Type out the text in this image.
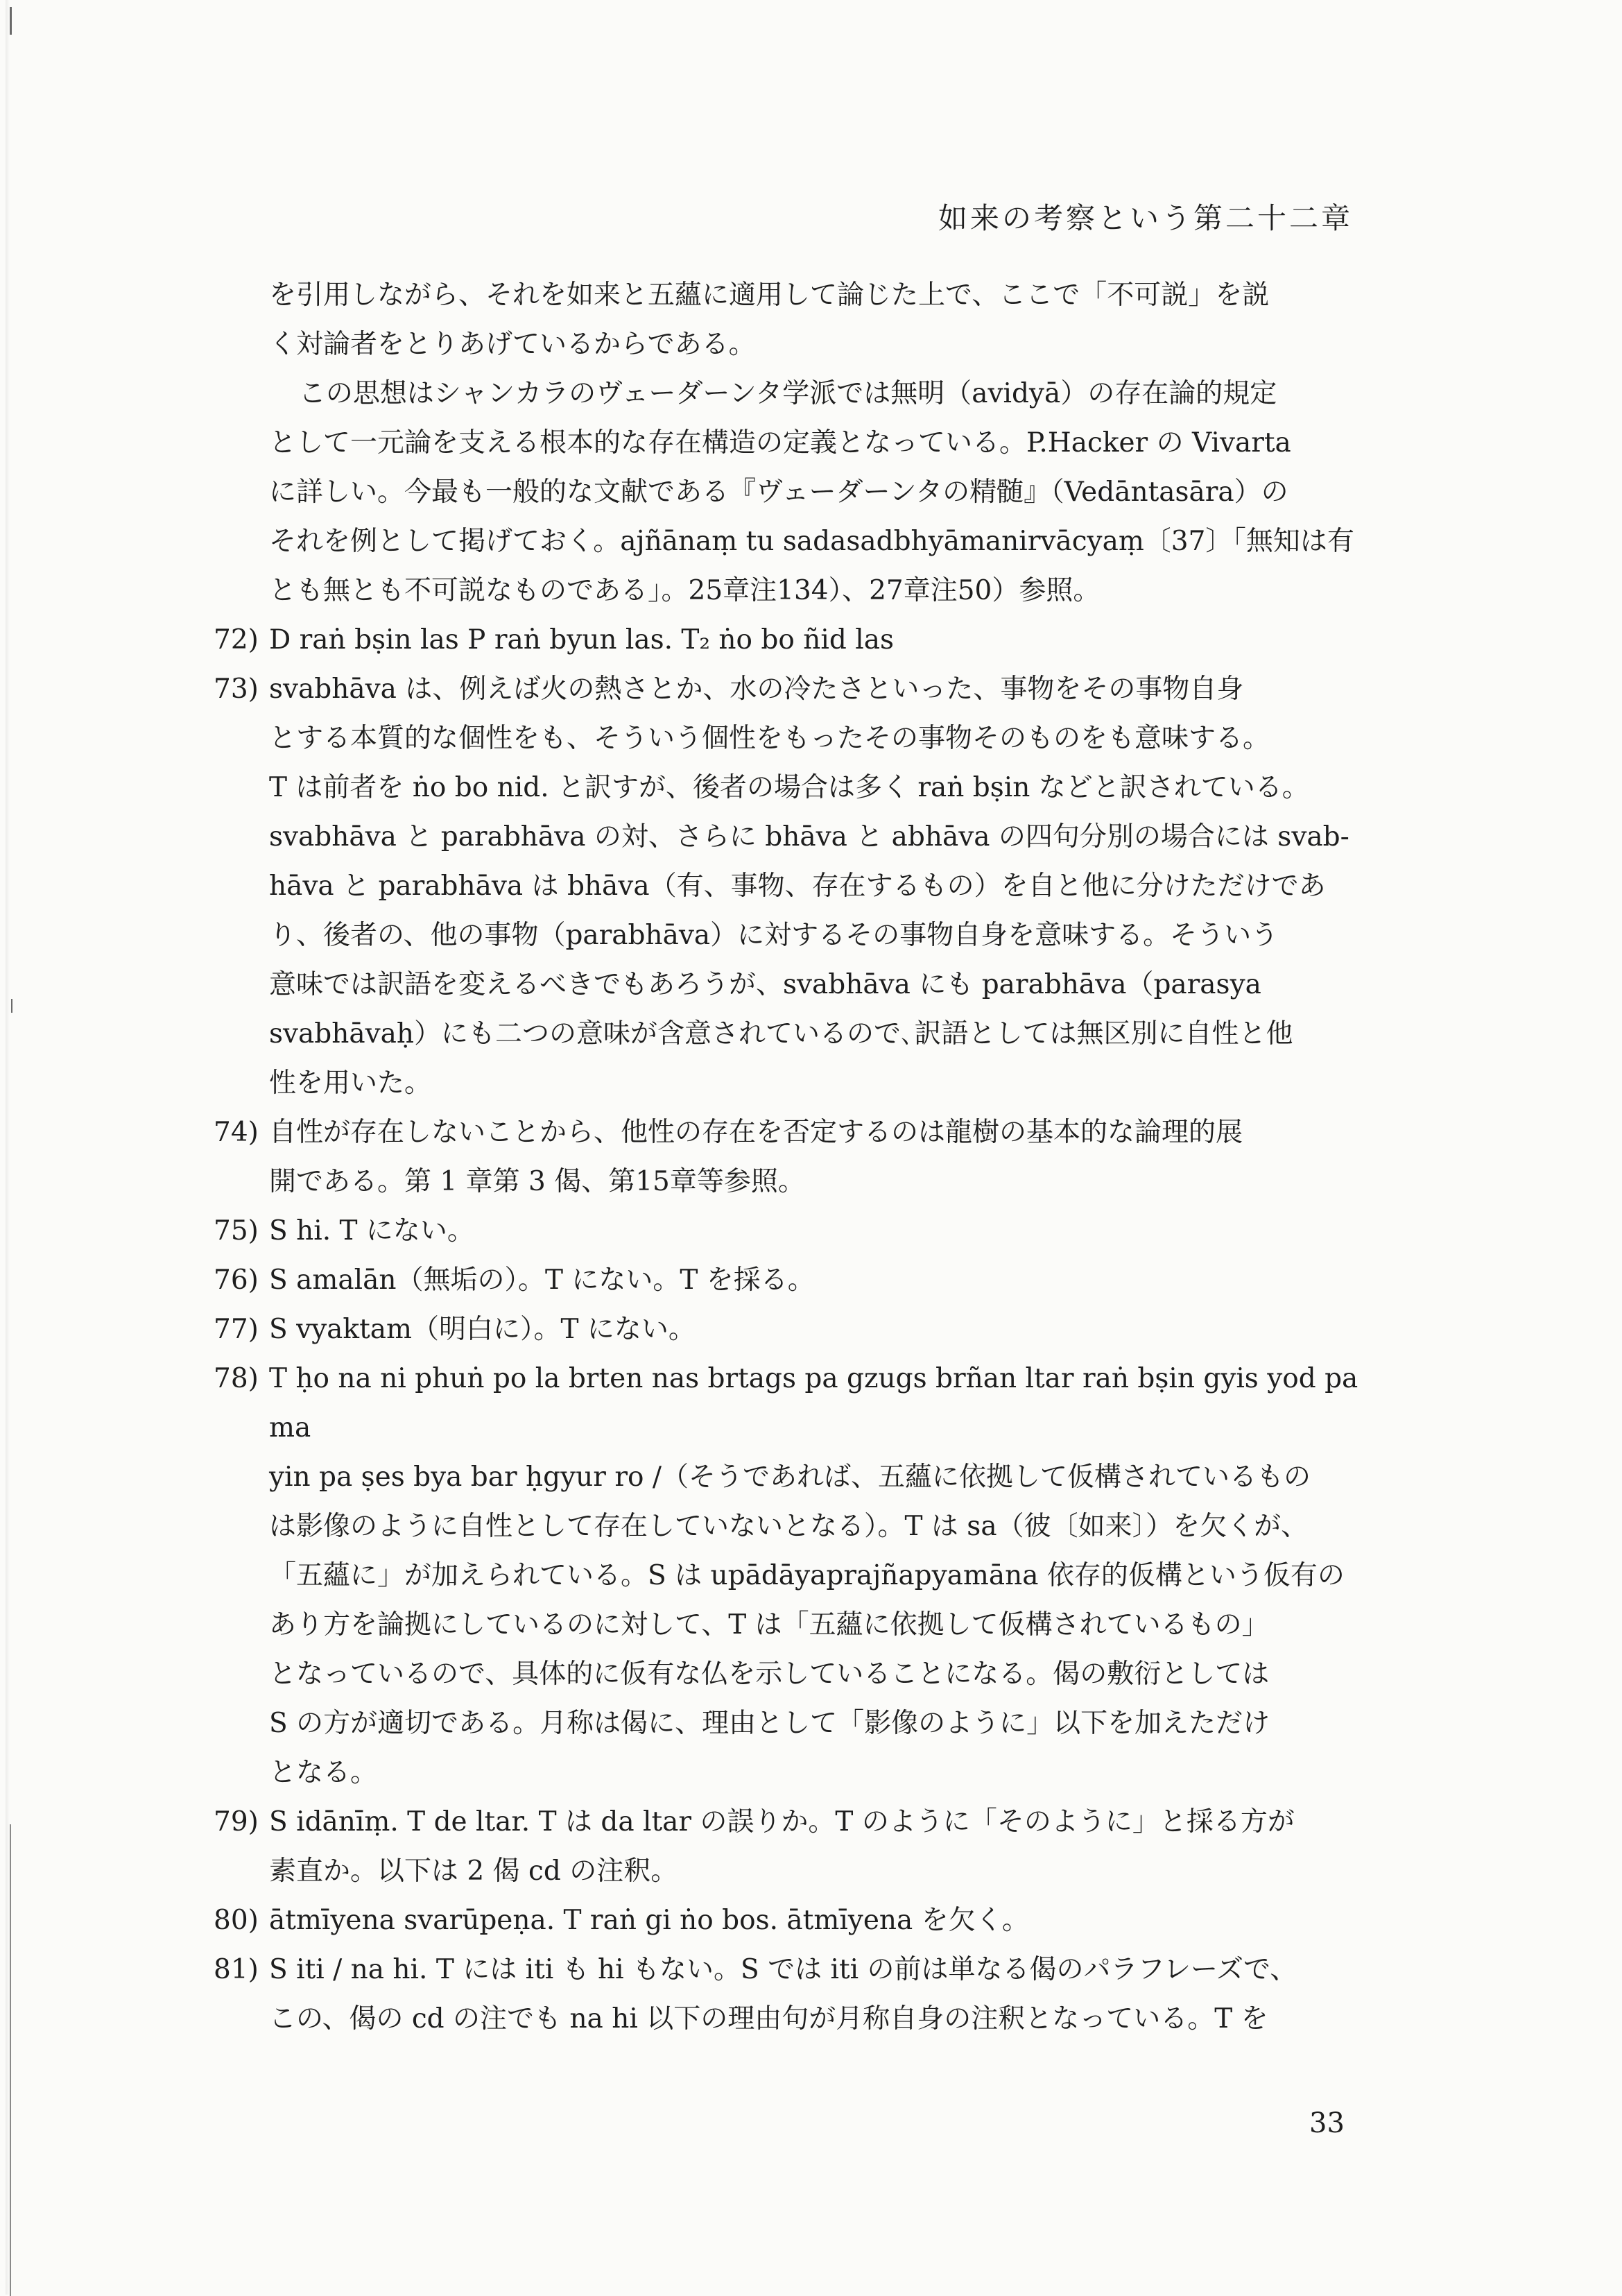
如来の考察という第二十二章

を引用しながら、それを如来と五蘊に適用して論じた上で、ここで「不可説」を説

く対論者をとりあげているからである。

この思想はシャンカラのヴェーダーンタ学派では無明（avidyā）の存在論的規定

として一元論を支える根本的な存在構造の定義となっている。P.Hacker の Vivarta

に詳しい。今最も一般的な文献である『ヴェーダーンタの精髄』（Vedāntasāra）の

それを例として掲げておく。ajñānaṃ tu sadasadbhyāmanirvācyaṃ〔37〕「無知は有

とも無とも不可説なものである」。25章注134）、27章注50）参照。

72) D raṅ bṣin las P raṅ byun las. T₂ ṅo bo ñid las

73) svabhāva は、例えば火の熱さとか、水の冷たさといった、事物をその事物自身

とする本質的な個性をも、そういう個性をもったその事物そのものをも意味する。

T は前者を ṅo bo nid. と訳すが、後者の場合は多く raṅ bṣin などと訳されている。

svabhāva と parabhāva の対、さらに bhāva と abhāva の四句分別の場合には svab-

hāva と parabhāva は bhāva（有、事物、存在するもの）を自と他に分けただけであ

り、後者の、他の事物（parabhāva）に対するその事物自身を意味する。そういう

意味では訳語を変えるべきでもあろうが、svabhāva にも parabhāva（parasya

svabhāvaḥ）にも二つの意味が含意されているので､訳語としては無区別に自性と他

性を用いた。

74) 自性が存在しないことから、他性の存在を否定するのは龍樹の基本的な論理的展

開である。第 1 章第 3 偈、第15章等参照。

75) S hi. T にない。

76) S amalān（無垢の）。T にない。T を採る。

77) S vyaktam（明白に）。T にない。

78) T ḥo na ni phuṅ po la brten nas brtags pa gzugs brñan ltar raṅ bṣin gyis yod pa ma

yin pa ṣes bya bar ḥgyur ro /（そうであれば、五蘊に依拠して仮構されているもの

は影像のように自性として存在していないとなる）。T は sa（彼〔如来〕）を欠くが、

「五蘊に」が加えられている。S は upādāyaprajñapyamāna 依存的仮構という仮有の

あり方を論拠にしているのに対して、T は「五蘊に依拠して仮構されているもの」

となっているので、具体的に仮有な仏を示していることになる。偈の敷衍としては

S の方が適切である。月称は偈に、理由として「影像のように」以下を加えただけ

となる。

79) S idānīṃ. T de ltar. T は da ltar の誤りか。T のように「そのように」と採る方が

素直か。以下は 2 偈 cd の注釈。

80) ātmīyena svarūpeṇa. T raṅ gi ṅo bos. ātmīyena を欠く。

81) S iti / na hi. T には iti も hi もない。S では iti の前は単なる偈のパラフレーズで、

この、偈の cd の注でも na hi 以下の理由句が月称自身の注釈となっている。T を

33
